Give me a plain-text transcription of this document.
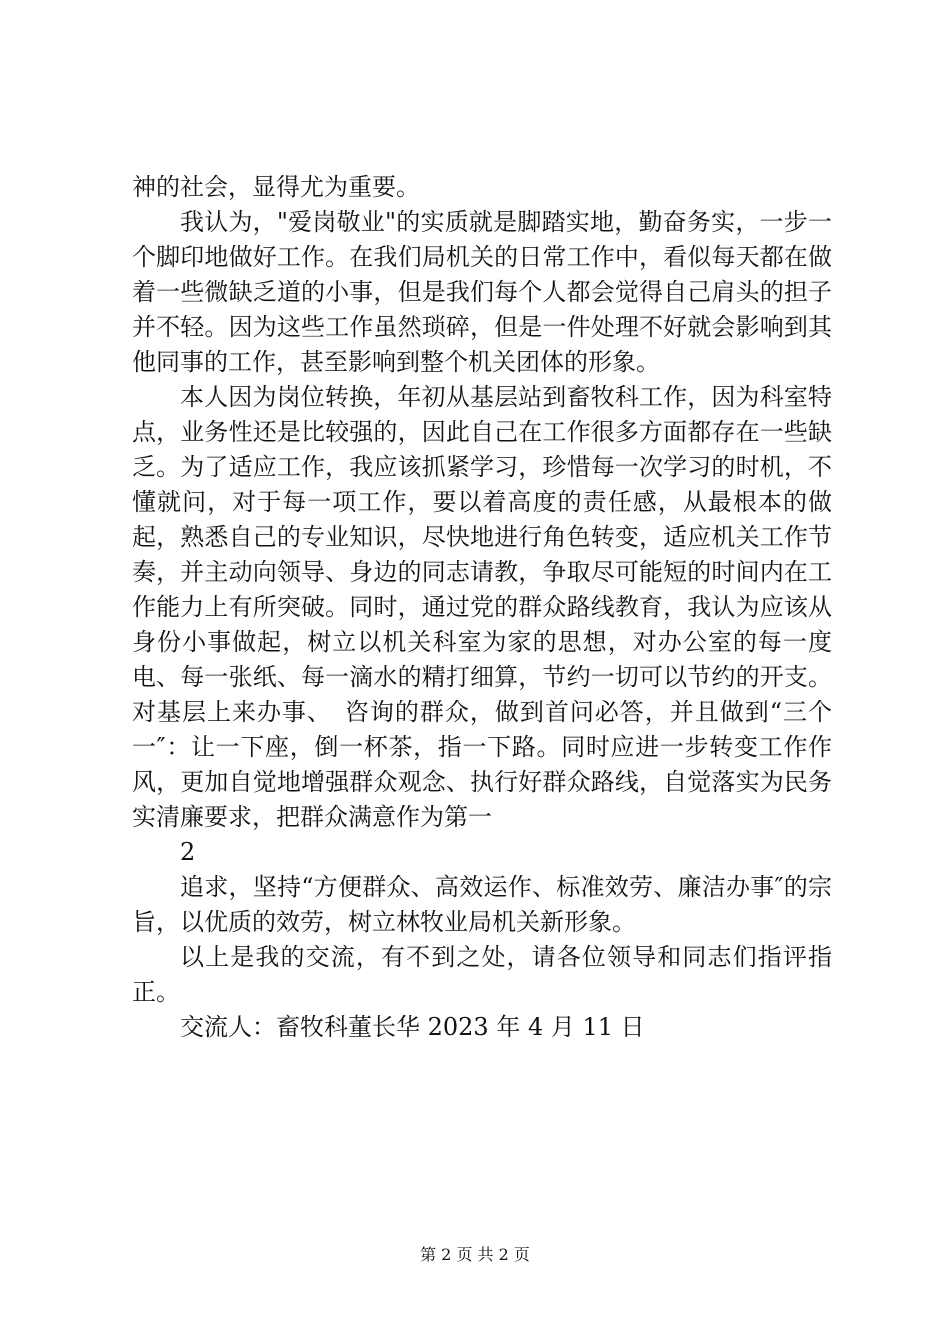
神的社会，显得尤为重要。

我认为，"爱岗敬业"的实质就是脚踏实地，勤奋务实，一步一个脚印地做好工作。在我们局机关的日常工作中，看似每天都在做着一些微缺乏道的小事，但是我们每个人都会觉得自己肩头的担子并不轻。因为这些工作虽然琐碎，但是一件处理不好就会影响到其他同事的工作，甚至影响到整个机关团体的形象。

本人因为岗位转换，年初从基层站到畜牧科工作，因为科室特点，业务性还是比较强的，因此自己在工作很多方面都存在一些缺乏。为了适应工作，我应该抓紧学习，珍惜每一次学习的时机，不懂就问，对于每一项工作，要以着高度的责任感，从最根本的做起，熟悉自己的专业知识，尽快地进行角色转变，适应机关工作节奏，并主动向领导、身边的同志请教，争取尽可能短的时间内在工作能力上有所突破。同时，通过党的群众路线教育，我认为应该从身份小事做起，树立以机关科室为家的思想，对办公室的每一度电、每一张纸、每一滴水的精打细算，节约一切可以节约的开支。对基层上来办事、　咨询的群众，做到首问必答，并且做到“三个一″：让一下座，倒一杯茶，指一下路。同时应进一步转变工作作风，更加自觉地增强群众观念、执行好群众路线，自觉落实为民务实清廉要求，把群众满意作为第一

2

追求，坚持“方便群众、高效运作、标准效劳、廉洁办事″的宗旨，以优质的效劳，树立林牧业局机关新形象。

以上是我的交流，有不到之处，请各位领导和同志们指评指正。

交流人：畜牧科董长华 2023 年 4 月 11 日

第 2 页 共 2 页
